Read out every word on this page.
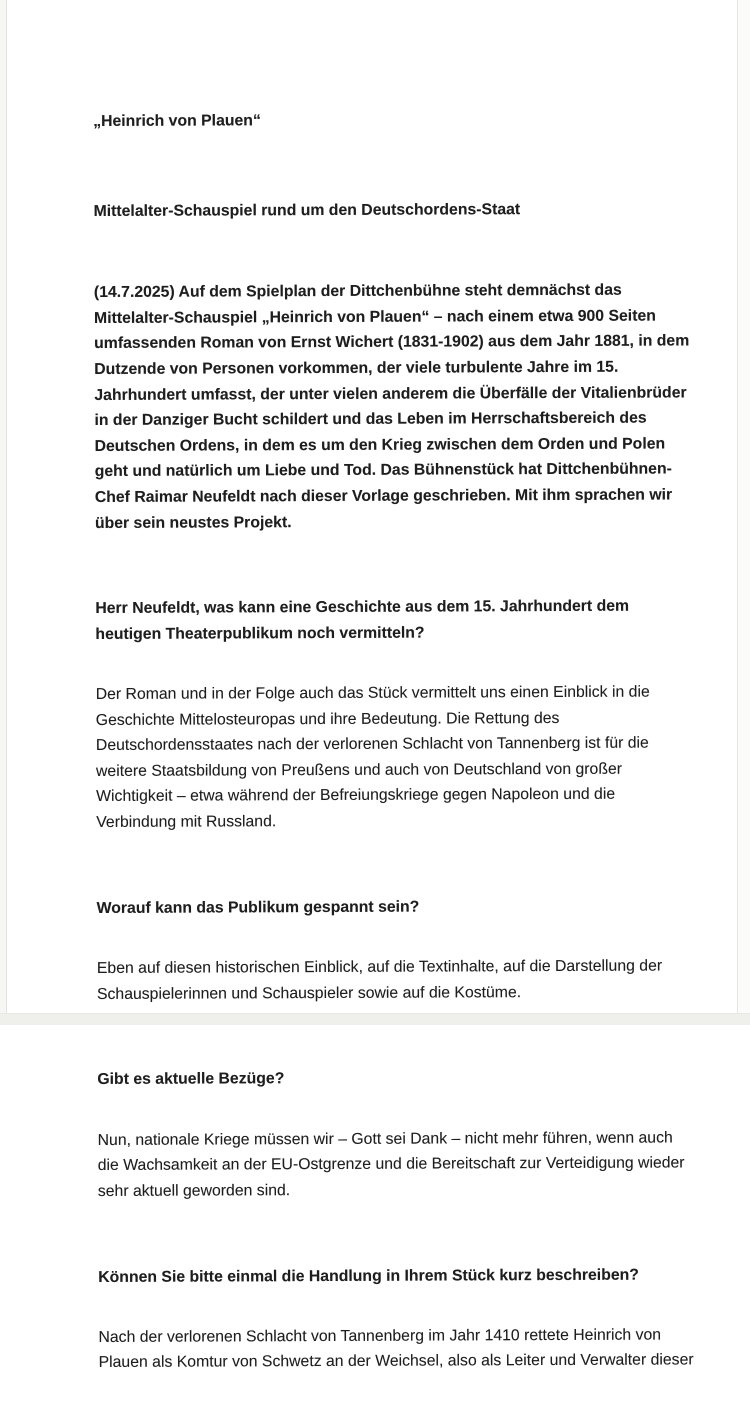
„Heinrich von Plauen“

Mittelalter-Schauspiel rund um den Deutschordens-Staat

(14.7.2025) Auf dem Spielplan der Dittchenbühne steht demnächst das
Mittelalter-Schauspiel „Heinrich von Plauen“ – nach einem etwa 900 Seiten
umfassenden Roman von Ernst Wichert (1831-1902) aus dem Jahr 1881, in dem
Dutzende von Personen vorkommen, der viele turbulente Jahre im 15.
Jahrhundert umfasst, der unter vielen anderem die Überfälle der Vitalienbrüder
in der Danziger Bucht schildert und das Leben im Herrschaftsbereich des
Deutschen Ordens, in dem es um den Krieg zwischen dem Orden und Polen
geht und natürlich um Liebe und Tod. Das Bühnenstück hat Dittchenbühnen-
Chef Raimar Neufeldt nach dieser Vorlage geschrieben. Mit ihm sprachen wir
über sein neustes Projekt.

Herr Neufeldt, was kann eine Geschichte aus dem 15. Jahrhundert dem
heutigen Theaterpublikum noch vermitteln?

Der Roman und in der Folge auch das Stück vermittelt uns einen Einblick in die
Geschichte Mittelosteuropas und ihre Bedeutung. Die Rettung des
Deutschordensstaates nach der verlorenen Schlacht von Tannenberg ist für die
weitere Staatsbildung von Preußens und auch von Deutschland von großer
Wichtigkeit – etwa während der Befreiungskriege gegen Napoleon und die
Verbindung mit Russland.

Worauf kann das Publikum gespannt sein?

Eben auf diesen historischen Einblick, auf die Textinhalte, auf die Darstellung der
Schauspielerinnen und Schauspieler sowie auf die Kostüme.

Gibt es aktuelle Bezüge?

Nun, nationale Kriege müssen wir – Gott sei Dank – nicht mehr führen, wenn auch
die Wachsamkeit an der EU-Ostgrenze und die Bereitschaft zur Verteidigung wieder
sehr aktuell geworden sind.

Können Sie bitte einmal die Handlung in Ihrem Stück kurz beschreiben?

Nach der verlorenen Schlacht von Tannenberg im Jahr 1410 rettete Heinrich von
Plauen als Komtur von Schwetz an der Weichsel, also als Leiter und Verwalter dieser
